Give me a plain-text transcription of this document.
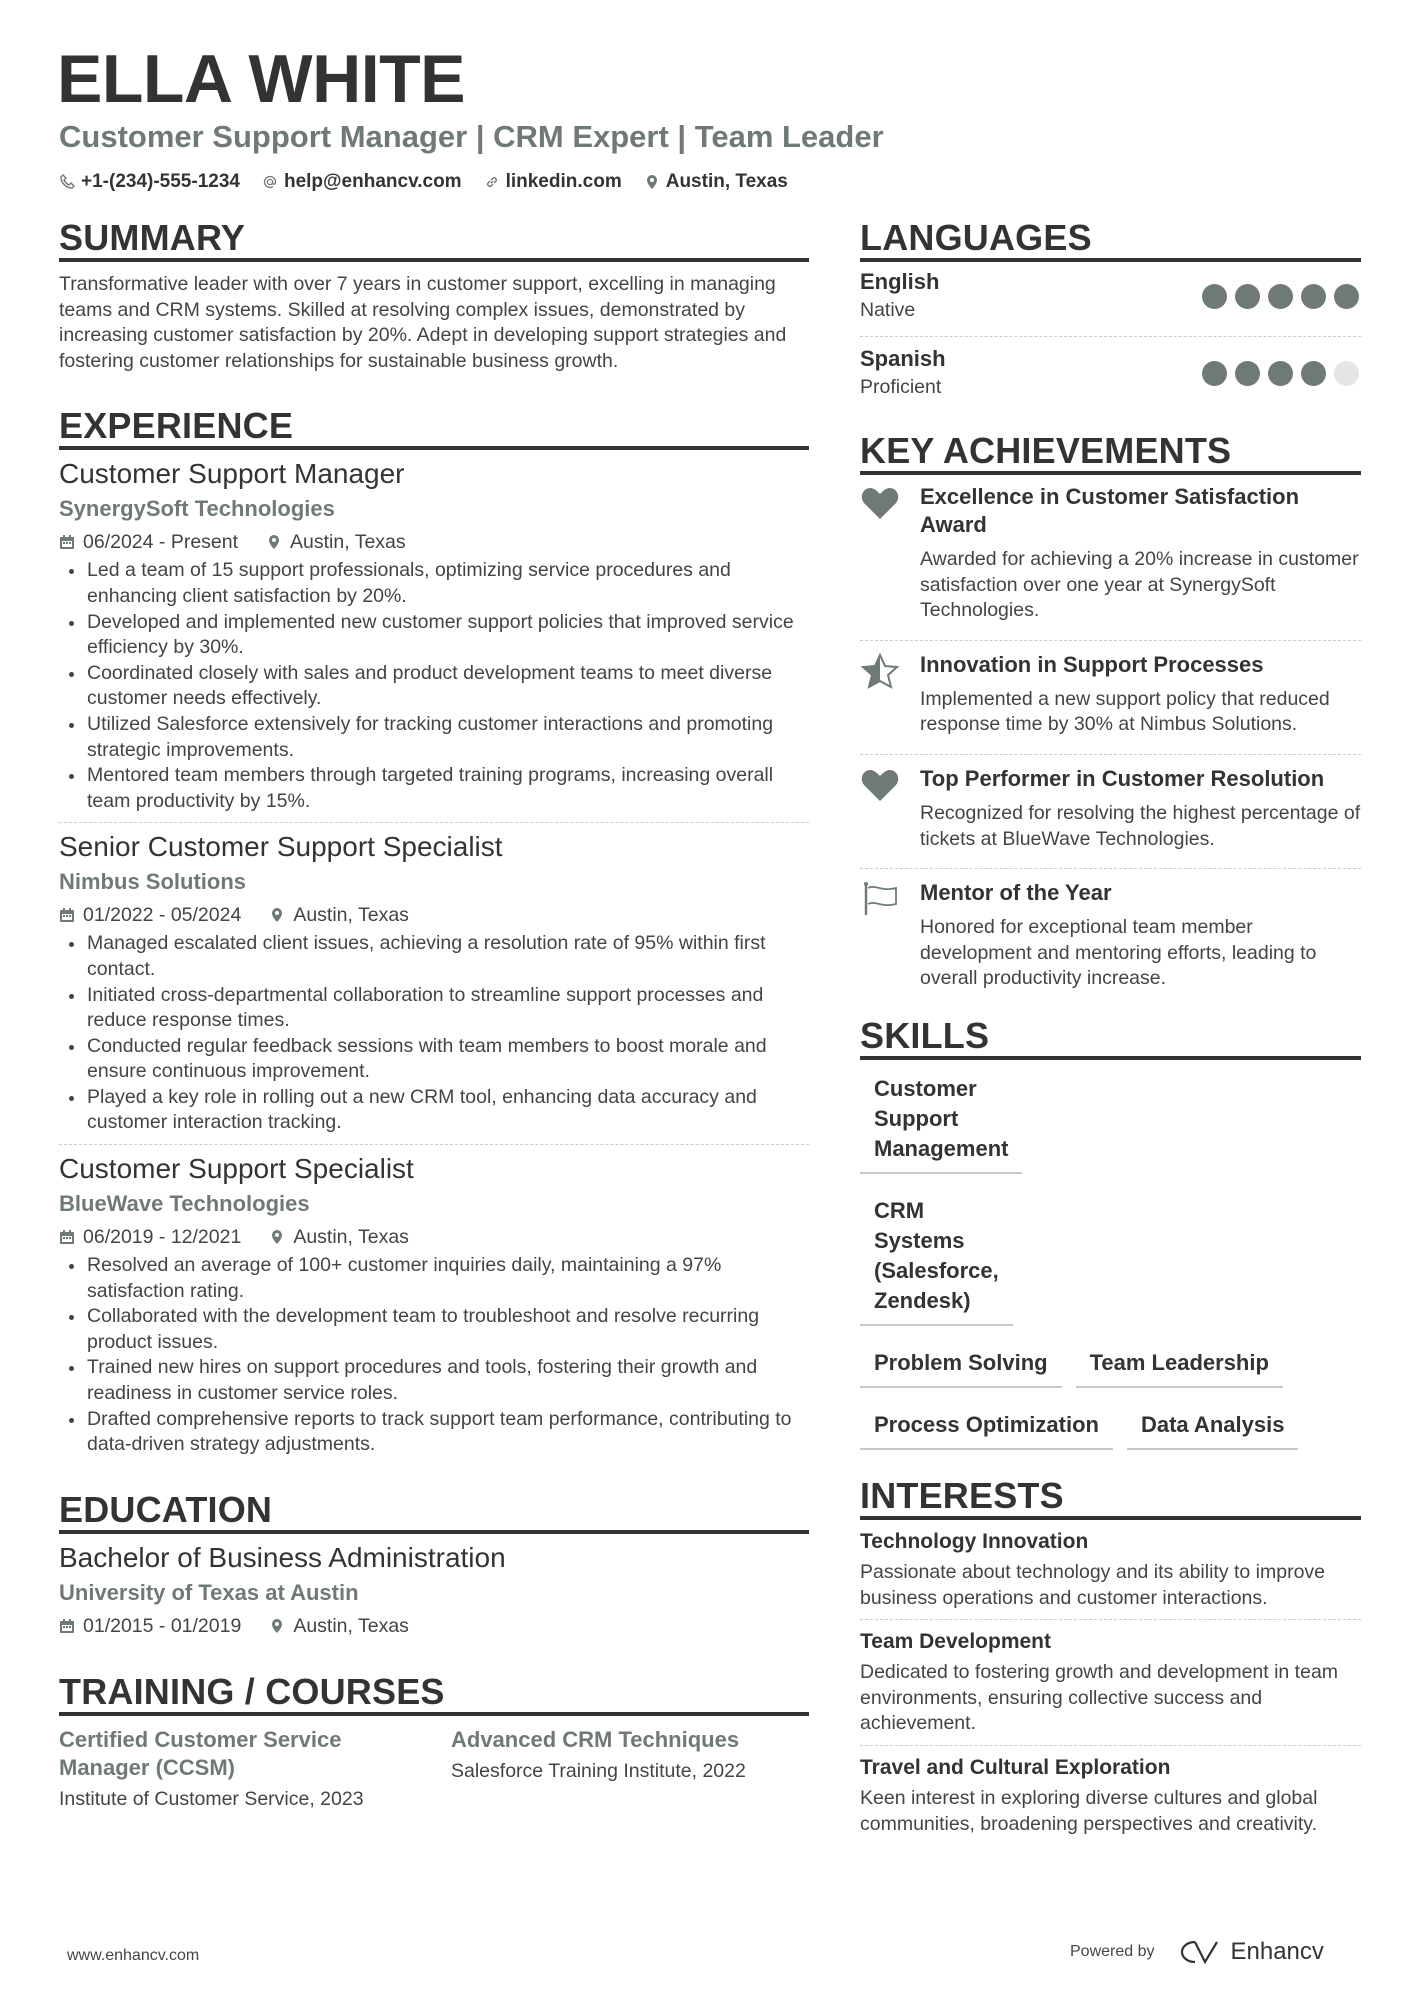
ELLA WHITE
Customer Support Manager | CRM Expert | Team Leader
+1-(234)-555-1234 help@enhancv.com linkedin.com Austin, Texas
SUMMARY

Transformative leader with over 7 years in customer support, excelling in managing teams and CRM systems. Skilled at resolving complex issues, demonstrated by increasing customer satisfaction by 20%. Adept in developing support strategies and fostering customer relationships for sustainable business growth.

EXPERIENCE
Customer Support Manager
SynergySoft Technologies
06/2024 - Present	Austin, Texas
Led a team of 15 support professionals, optimizing service procedures and enhancing client satisfaction by 20%.
Developed and implemented new customer support policies that improved service efficiency by 30%.
Coordinated closely with sales and product development teams to meet diverse customer needs effectively.
Utilized Salesforce extensively for tracking customer interactions and promoting strategic improvements.
Mentored team members through targeted training programs, increasing overall team productivity by 15%.
Senior Customer Support Specialist
Nimbus Solutions
01/2022 - 05/2024	Austin, Texas
Managed escalated client issues, achieving a resolution rate of 95% within first contact.
Initiated cross-departmental collaboration to streamline support processes and reduce response times.
Conducted regular feedback sessions with team members to boost morale and ensure continuous improvement.
Played a key role in rolling out a new CRM tool, enhancing data accuracy and customer interaction tracking.
Customer Support Specialist
BlueWave Technologies
06/2019 - 12/2021	Austin, Texas
Resolved an average of 100+ customer inquiries daily, maintaining a 97% satisfaction rating.
Collaborated with the development team to troubleshoot and resolve recurring product issues.
Trained new hires on support procedures and tools, fostering their growth and readiness in customer service roles.
Drafted comprehensive reports to track support team performance, contributing to data-driven strategy adjustments.
EDUCATION
Bachelor of Business Administration
University of Texas at Austin
01/2015 - 01/2019	Austin, Texas
TRAINING / COURSES
Certified Customer Service Manager (CCSM)
Institute of Customer Service, 2023
Advanced CRM Techniques
Salesforce Training Institute, 2022
LANGUAGES
English
Native
Spanish
Proficient
KEY ACHIEVEMENTS
Excellence in Customer Satisfaction Award
Awarded for achieving a 20% increase in customer satisfaction over one year at SynergySoft Technologies.
Innovation in Support Processes
Implemented a new support policy that reduced response time by 30% at Nimbus Solutions.
Top Performer in Customer Resolution
Recognized for resolving the highest percentage of tickets at BlueWave Technologies.
Mentor of the Year
Honored for exceptional team member development and mentoring efforts, leading to overall productivity increase.
SKILLS
Customer Support Management
CRM Systems (Salesforce, Zendesk)
Problem Solving	Team Leadership
Process Optimization	Data Analysis
INTERESTS
Technology Innovation
Passionate about technology and its ability to improve business operations and customer interactions.
Team Development
Dedicated to fostering growth and development in team environments, ensuring collective success and achievement.
Travel and Cultural Exploration
Keen interest in exploring diverse cultures and global communities, broadening perspectives and creativity.
www.enhancv.com	Powered by	Enhancv
